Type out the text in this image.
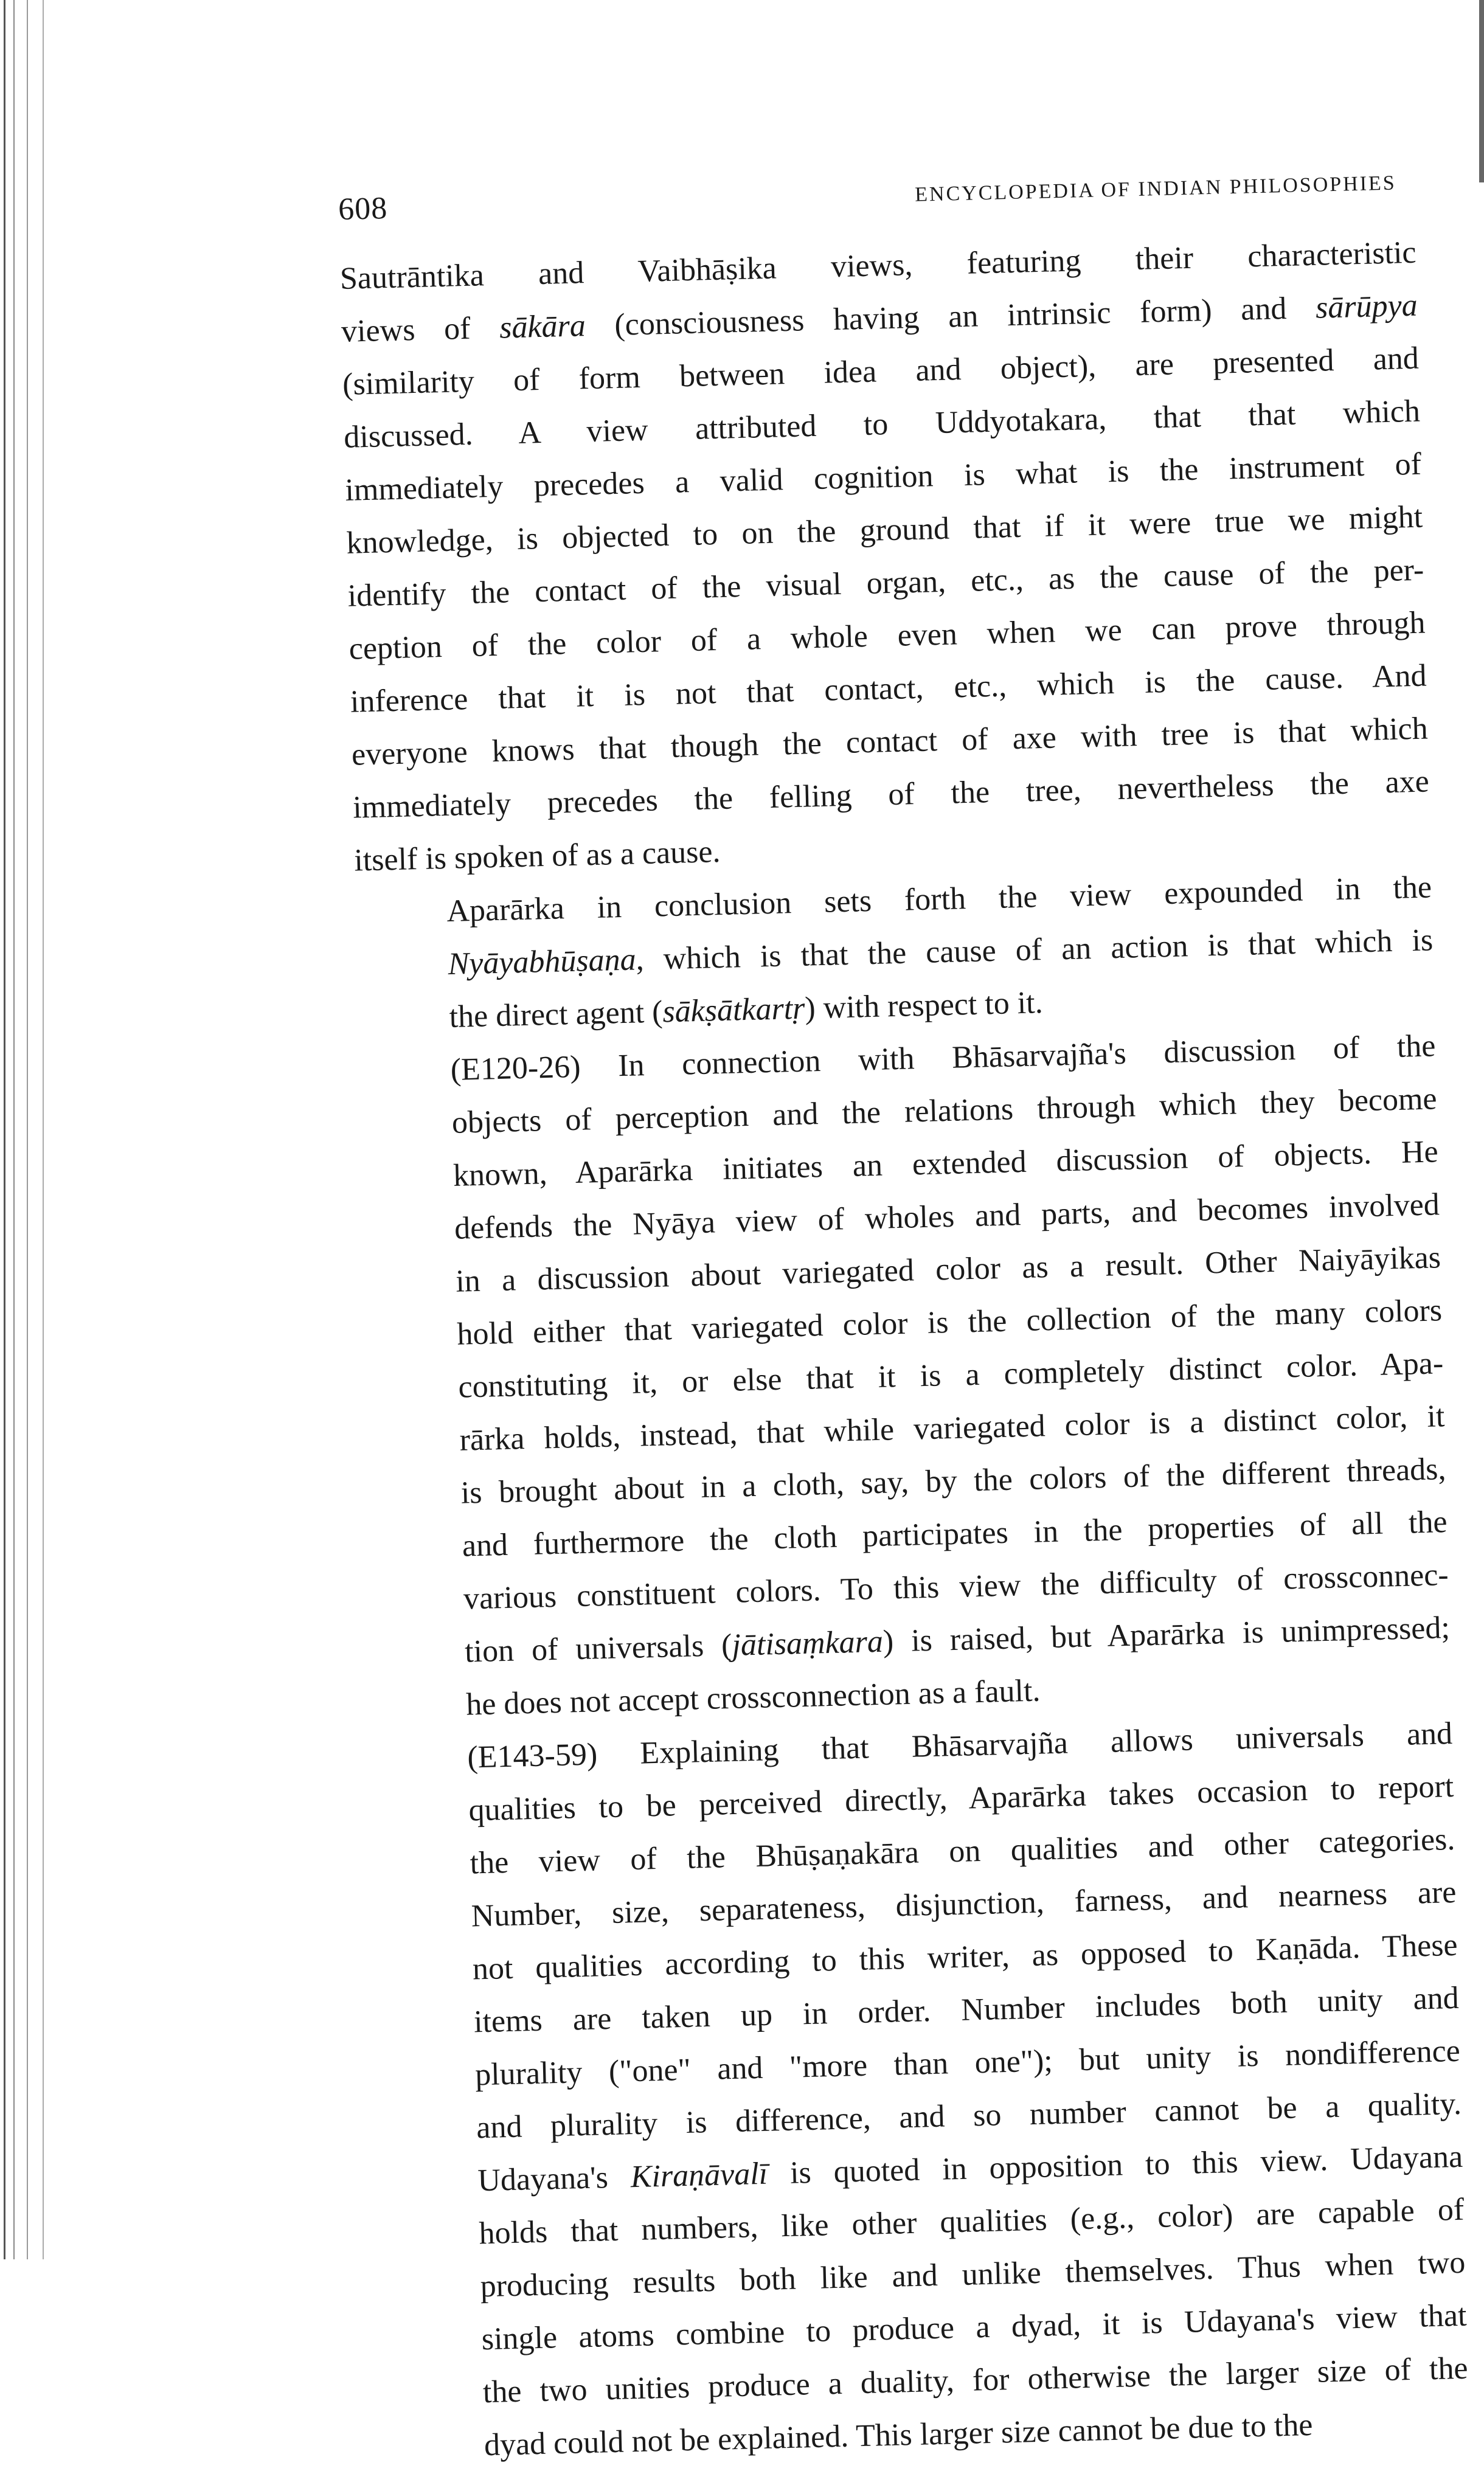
608
ENCYCLOPEDIA OF INDIAN PHILOSOPHIES

Sautrāntika and Vaibhāṣika views, featuring their characteristic
views of sākāra (consciousness having an intrinsic form) and sārūpya
(similarity of form between idea and object), are presented and
discussed. A view attributed to Uddyotakara, that that which
immediately precedes a valid cognition is what is the instrument of
knowledge, is objected to on the ground that if it were true we might
identify the contact of the visual organ, etc., as the cause of the per-
ception of the color of a whole even when we can prove through
inference that it is not that contact, etc., which is the cause. And
everyone knows that though the contact of axe with tree is that which
immediately precedes the felling of the tree, nevertheless the axe
itself is spoken of as a cause.

Aparārka in conclusion sets forth the view expounded in the
Nyāyabhūṣaṇa, which is that the cause of an action is that which is
the direct agent (sākṣātkartṛ) with respect to it.

(E120-26) In connection with Bhāsarvajña's discussion of the
objects of perception and the relations through which they become
known, Aparārka initiates an extended discussion of objects. He
defends the Nyāya view of wholes and parts, and becomes involved
in a discussion about variegated color as a result. Other Naiyāyikas
hold either that variegated color is the collection of the many colors
constituting it, or else that it is a completely distinct color. Apa-
rārka holds, instead, that while variegated color is a distinct color, it
is brought about in a cloth, say, by the colors of the different threads,
and furthermore the cloth participates in the properties of all the
various constituent colors. To this view the difficulty of crossconnec-
tion of universals (jātisaṃkara) is raised, but Aparārka is unimpressed;
he does not accept crossconnection as a fault.

(E143-59) Explaining that Bhāsarvajña allows universals and
qualities to be perceived directly, Aparārka takes occasion to report
the view of the Bhūṣaṇakāra on qualities and other categories.
Number, size, separateness, disjunction, farness, and nearness are
not qualities according to this writer, as opposed to Kaṇāda. These
items are taken up in order. Number includes both unity and
plurality ("one" and "more than one"); but unity is nondifference
and plurality is difference, and so number cannot be a quality.
Udayana's Kiraṇāvalī is quoted in opposition to this view. Udayana
holds that numbers, like other qualities (e.g., color) are capable of
producing results both like and unlike themselves. Thus when two
single atoms combine to produce a dyad, it is Udayana's view that
the two unities produce a duality, for otherwise the larger size of the
dyad could not be explained. This larger size cannot be due to the
